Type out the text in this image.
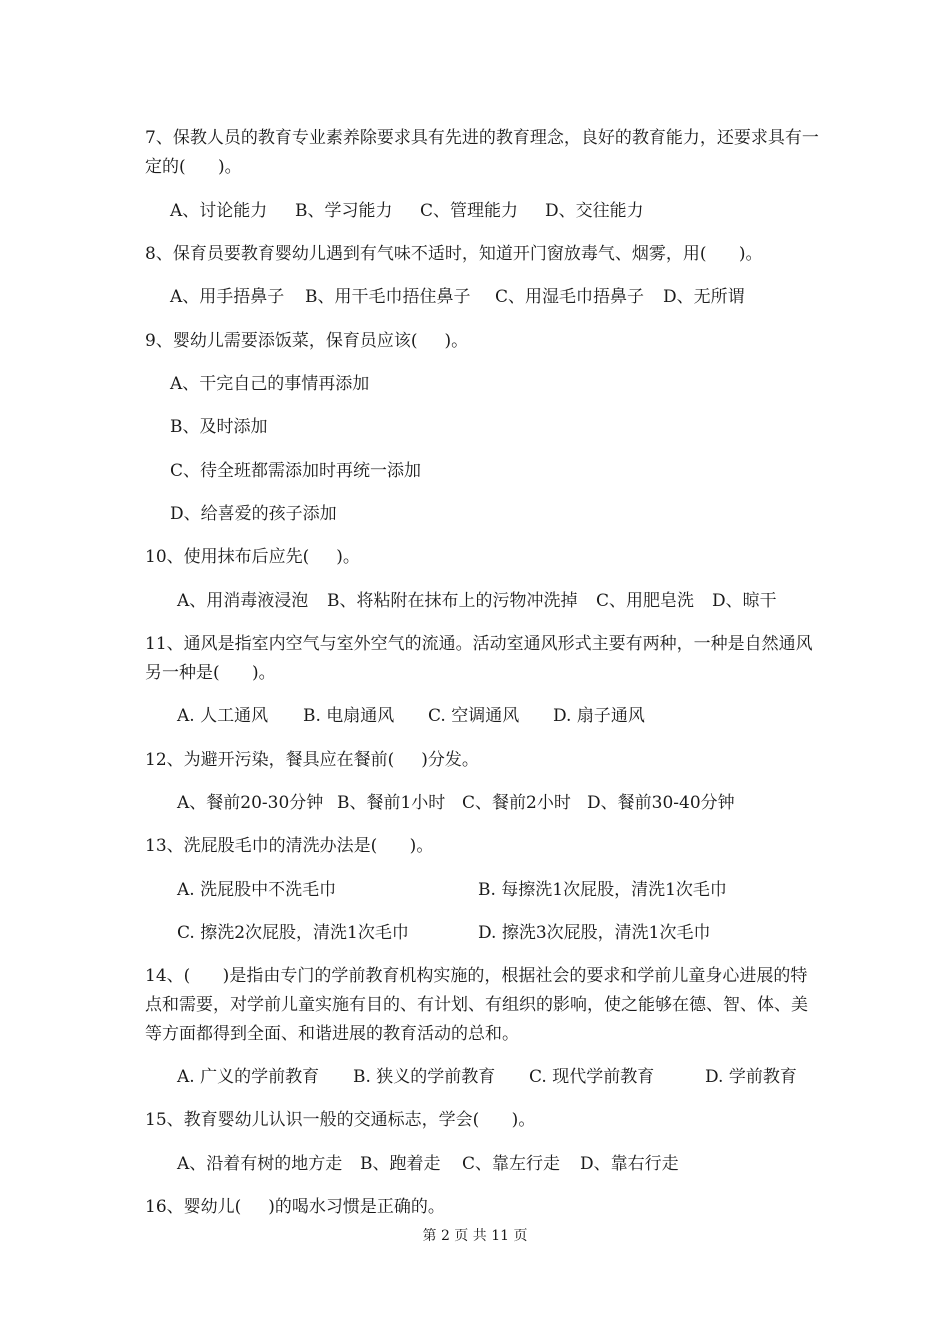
7、保教人员的教育专业素养除要求具有先进的教育理念，良好的教育能力，还要求具有一
定的(      )。
A、讨论能力 B、学习能力 C、管理能力 D、交往能力
8、保育员要教育婴幼儿遇到有气味不适时，知道开门窗放毒气、烟雾，用(      )。
A、用手捂鼻子 B、用干毛巾捂住鼻子 C、用湿毛巾捂鼻子 D、无所谓
9、婴幼儿需要添饭菜，保育员应该(     )。
A、干完自己的事情再添加
B、及时添加
C、待全班都需添加时再统一添加
D、给喜爱的孩子添加
10、使用抹布后应先(     )。
A、用消毒液浸泡 B、将粘附在抹布上的污物冲洗掉 C、用肥皂洗 D、晾干
11、通风是指室内空气与室外空气的流通。活动室通风形式主要有两种，一种是自然通风
另一种是(      )。
A. 人工通风 B. 电扇通风 C. 空调通风 D. 扇子通风
12、为避开污染，餐具应在餐前(     )分发。
A、餐前20-30分钟 B、餐前1小时 C、餐前2小时 D、餐前30-40分钟
13、洗屁股毛巾的清洗办法是(      )。
A. 洗屁股中不洗毛巾	B. 每擦洗1次屁股，清洗1次毛巾
C. 擦洗2次屁股，清洗1次毛巾	D. 擦洗3次屁股，清洗1次毛巾
14、(      )是指由专门的学前教育机构实施的，根据社会的要求和学前儿童身心进展的特
点和需要，对学前儿童实施有目的、有计划、有组织的影响，使之能够在德、智、体、美
等方面都得到全面、和谐进展的教育活动的总和。
A. 广义的学前教育 B. 狭义的学前教育 C. 现代学前教育	D. 学前教育
15、教育婴幼儿认识一般的交通标志，学会(      )。
A、沿着有树的地方走 B、跑着走 C、靠左行走 D、靠右行走
16、婴幼儿(     )的喝水习惯是正确的。
第 2 页 共 11 页
